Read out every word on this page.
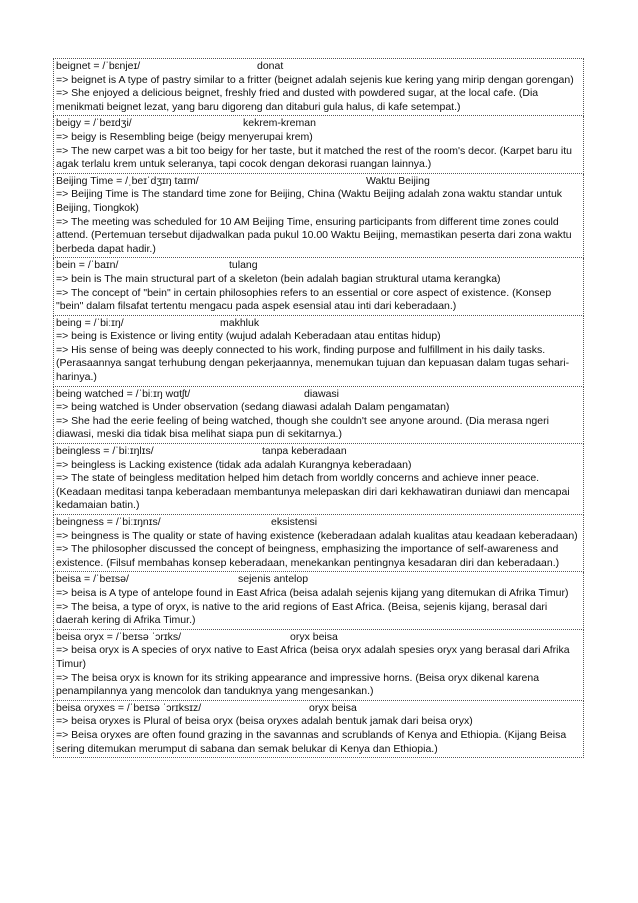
beignet = /ˈbɛnjeɪ/	donat
=> beignet is A type of pastry similar to a fritter (beignet adalah sejenis kue kering yang mirip dengan gorengan)
=> She enjoyed a delicious beignet, freshly fried and dusted with powdered sugar, at the local cafe. (Dia menikmati beignet lezat, yang baru digoreng dan ditaburi gula halus, di kafe setempat.)
beigy = /ˈbeɪdʒi/	kekrem-kreman
=> beigy is Resembling beige (beigy menyerupai krem)
=> The new carpet was a bit too beigy for her taste, but it matched the rest of the room's decor. (Karpet baru itu agak terlalu krem untuk seleranya, tapi cocok dengan dekorasi ruangan lainnya.)
Beijing Time = /ˌbeɪˈdʒɪŋ taɪm/	Waktu Beijing
=> Beijing Time is The standard time zone for Beijing, China (Waktu Beijing adalah zona waktu standar untuk Beijing, Tiongkok)
=> The meeting was scheduled for 10 AM Beijing Time, ensuring participants from different time zones could attend. (Pertemuan tersebut dijadwalkan pada pukul 10.00 Waktu Beijing, memastikan peserta dari zona waktu berbeda dapat hadir.)
bein = /ˈbaɪn/	tulang
=> bein is The main structural part of a skeleton (bein adalah bagian struktural utama kerangka)
=> The concept of "bein" in certain philosophies refers to an essential or core aspect of existence. (Konsep "bein" dalam filsafat tertentu mengacu pada aspek esensial atau inti dari keberadaan.)
being = /ˈbiːɪŋ/	makhluk
=> being is Existence or living entity (wujud adalah Keberadaan atau entitas hidup)
=> His sense of being was deeply connected to his work, finding purpose and fulfillment in his daily tasks. (Perasaannya sangat terhubung dengan pekerjaannya, menemukan tujuan dan kepuasan dalam tugas sehari-harinya.)
being watched = /ˈbiːɪŋ wɑtʃt/	diawasi
=> being watched is Under observation (sedang diawasi adalah Dalam pengamatan)
=> She had the eerie feeling of being watched, though she couldn't see anyone around. (Dia merasa ngeri diawasi, meski dia tidak bisa melihat siapa pun di sekitarnya.)
beingless = /ˈbiːɪŋlɪs/	tanpa keberadaan
=> beingless is Lacking existence (tidak ada adalah Kurangnya keberadaan)
=> The state of beingless meditation helped him detach from worldly concerns and achieve inner peace. (Keadaan meditasi tanpa keberadaan membantunya melepaskan diri dari kekhawatiran duniawi dan mencapai kedamaian batin.)
beingness = /ˈbiːɪŋnɪs/	eksistensi
=> beingness is The quality or state of having existence (keberadaan adalah kualitas atau keadaan keberadaan)
=> The philosopher discussed the concept of beingness, emphasizing the importance of self-awareness and existence. (Filsuf membahas konsep keberadaan, menekankan pentingnya kesadaran diri dan keberadaan.)
beisa = /ˈbeɪsə/	sejenis antelop
=> beisa is A type of antelope found in East Africa (beisa adalah sejenis kijang yang ditemukan di Afrika Timur)
=> The beisa, a type of oryx, is native to the arid regions of East Africa. (Beisa, sejenis kijang, berasal dari daerah kering di Afrika Timur.)
beisa oryx = /ˈbeɪsə ˈɔrɪks/	oryx beisa
=> beisa oryx is A species of oryx native to East Africa (beisa oryx adalah spesies oryx yang berasal dari Afrika Timur)
=> The beisa oryx is known for its striking appearance and impressive horns. (Beisa oryx dikenal karena penampilannya yang mencolok dan tanduknya yang mengesankan.)
beisa oryxes = /ˈbeɪsə ˈɔrɪksɪz/	oryx beisa
=> beisa oryxes is Plural of beisa oryx (beisa oryxes adalah bentuk jamak dari beisa oryx)
=> Beisa oryxes are often found grazing in the savannas and scrublands of Kenya and Ethiopia. (Kijang Beisa sering ditemukan merumput di sabana dan semak belukar di Kenya dan Ethiopia.)
